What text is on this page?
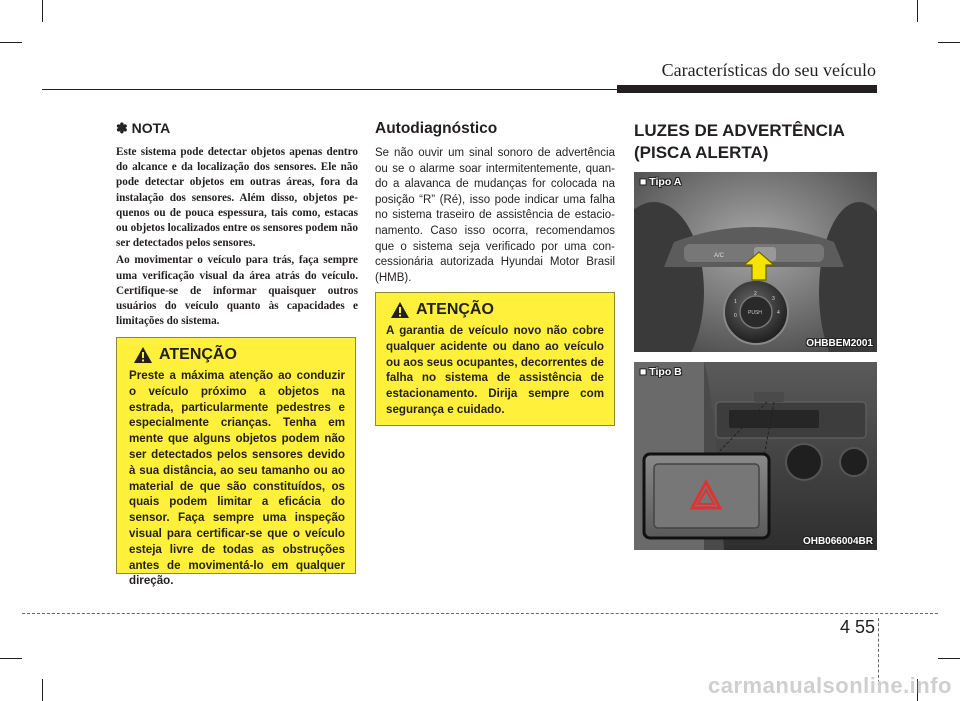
Características do seu veículo
✽ NOTA

Este sistema pode detectar objetos apenas dentro do alcance e da localização dos sensores. Ele não pode detectar objetos em outras áreas, fora da instalação dos sensores. Além disso, objetos pequenos ou de pouca espessura, tais como, estacas ou objetos localizados entre os sensores podem não ser detectados pelos sensores.

Ao movimentar o veículo para trás, faça sempre uma verificação visual da área atrás do veículo. Certifique-se de informar quaisquer outros usuários do veículo quanto às capacidades e limitações do sistema.

ATENÇÃO
Preste a máxima atenção ao conduzir o veículo próximo a objetos na estrada, particularmente pedestres e especialmente crianças. Tenha em mente que alguns objetos podem não ser detectados pelos sensores devido à sua distância, ao seu tamanho ou ao material de que são constituídos, os quais podem limitar a eficácia do sensor. Faça sempre uma inspeção visual para certificar-se que o veículo esteja livre de todas as obstruções antes de movimentá-lo em qualquer direção.
Autodiagnóstico

Se não ouvir um sinal sonoro de advertência ou se o alarme soar intermitentemente, quando a alavanca de mudanças for colocada na posição “R” (Ré), isso pode indicar uma falha no sistema traseiro de assistência de estacionamento. Caso isso ocorra, recomendamos que o sistema seja verificado por uma concessionária autorizada Hyundai Motor Brasil (HMB).

ATENÇÃO
A garantia de veículo novo não cobre qualquer acidente ou dano ao veículo ou aos seus ocupantes, decorrentes de falha no sistema de assistência de estacionamento. Dirija sempre com segurança e cuidado.

LUZES DE ADVERTÊNCIA (PISCA ALERTA)

A/C
PUSH
1
2
3
4
0
■ Tipo A
OHBBEM2001
■ Tipo B
OHB066004BR
4 55
carmanualsonline.info
